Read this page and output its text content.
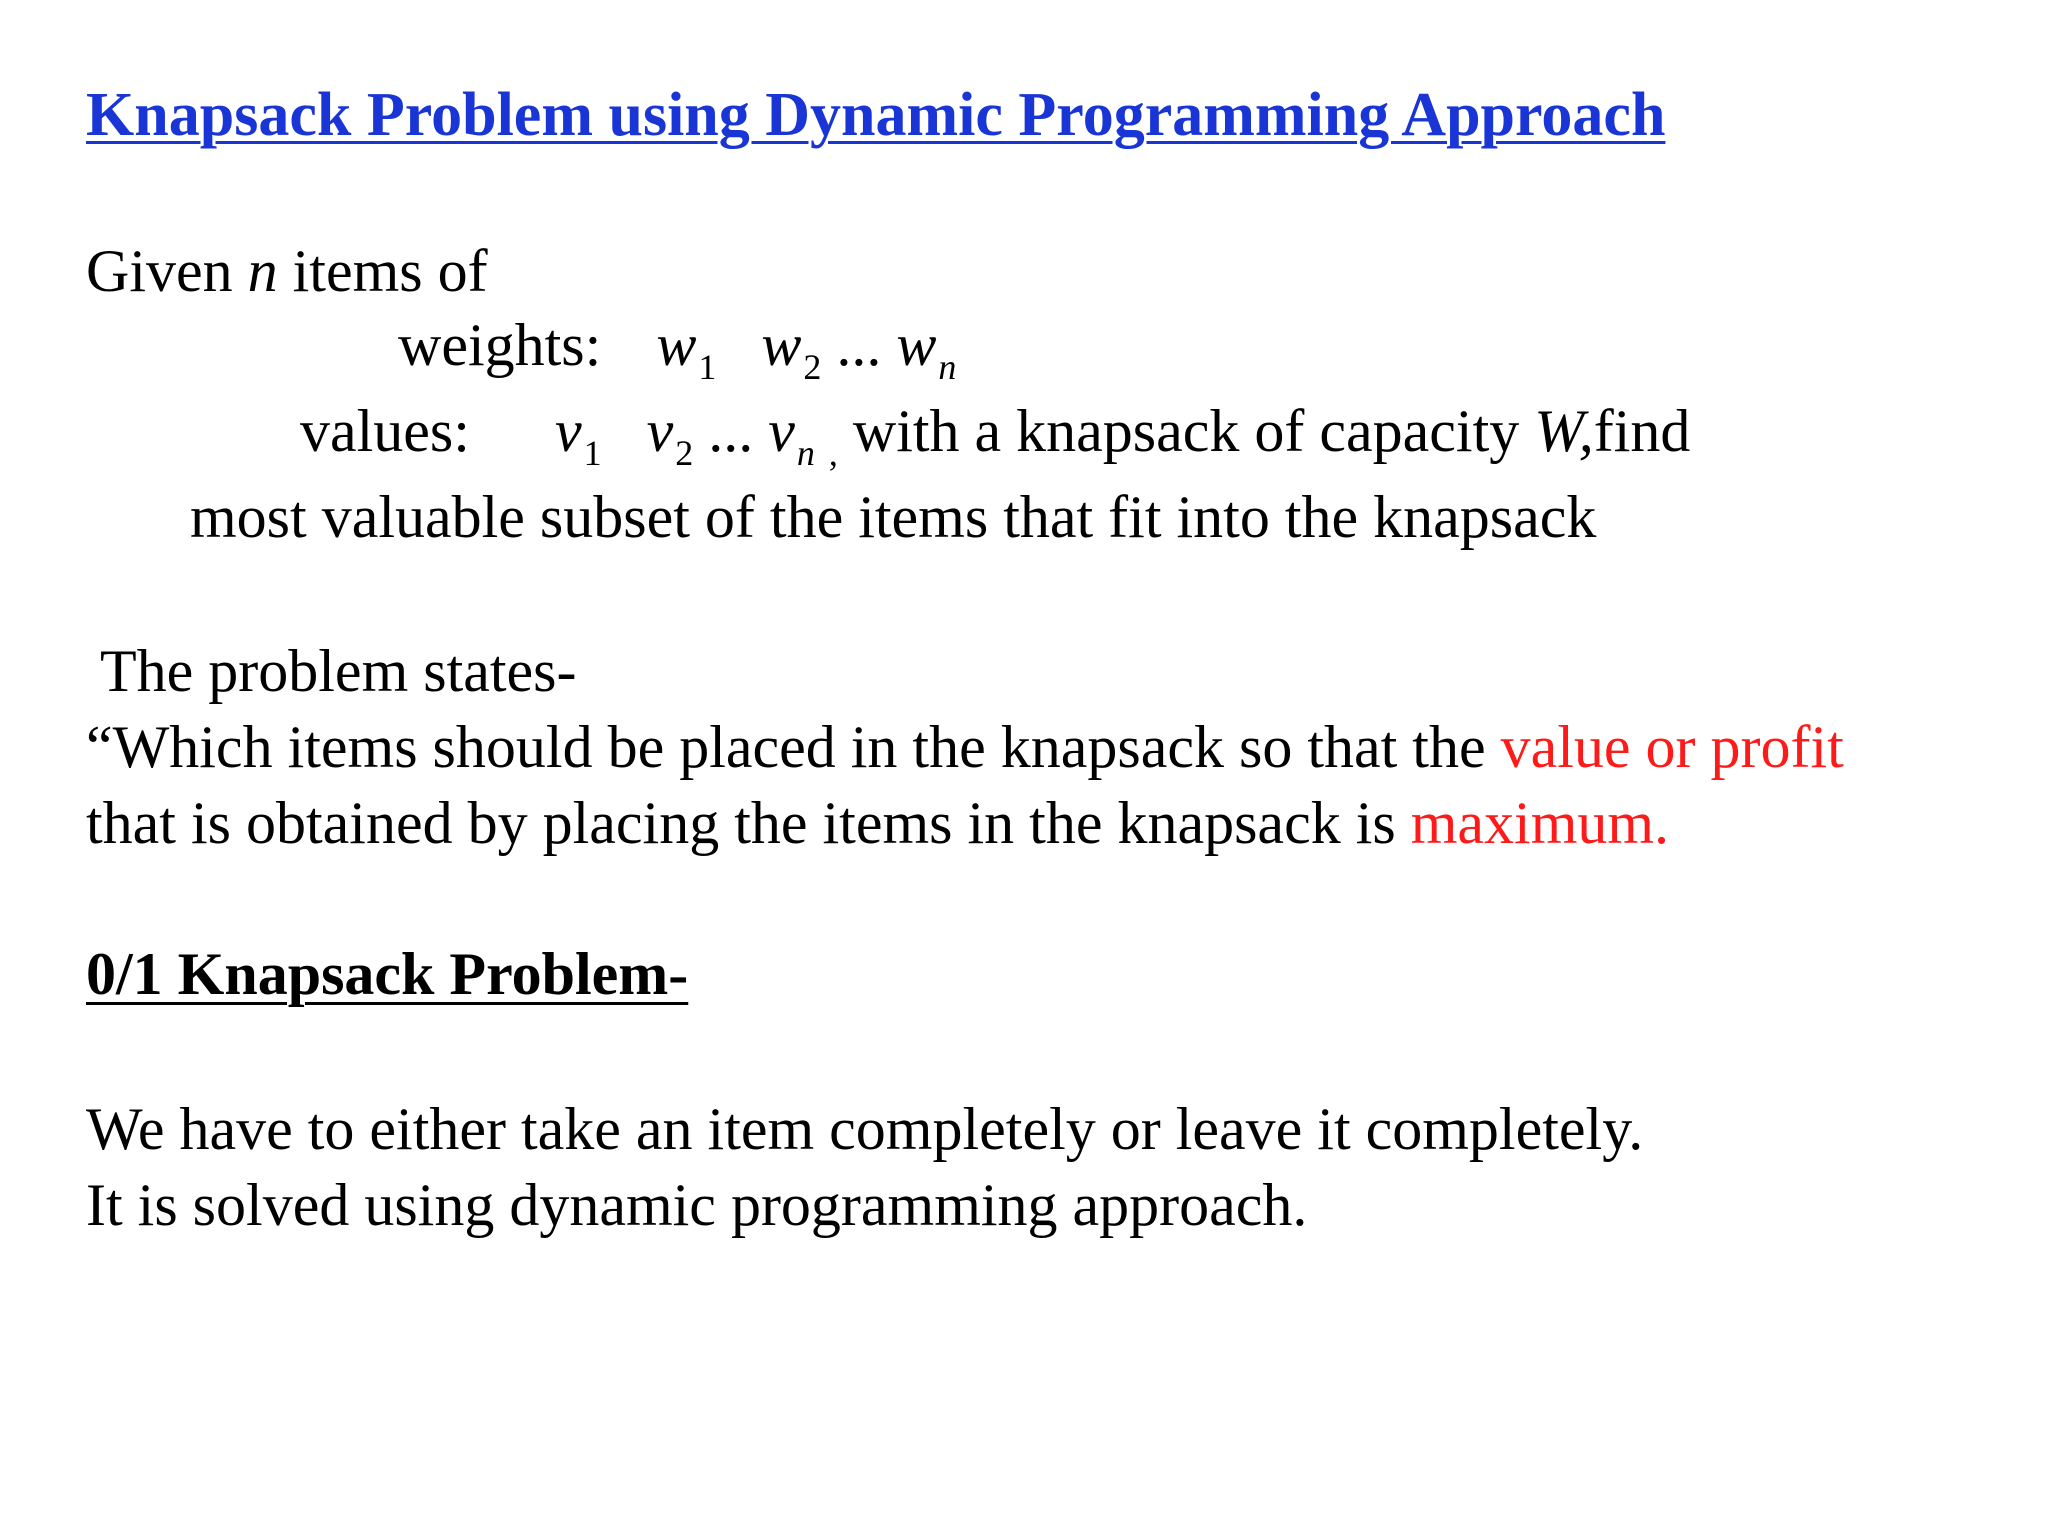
Knapsack Problem using Dynamic Programming Approach
Given n items of
weights: $w_1$ $w_2$ ... $w_n$
values: $v_1$ $v_2$ ... $v_n$ $_,$ with a knapsack of capacity W,find
most valuable subset of the items that fit into the knapsack
The problem states-
“Which items should be placed in the knapsack so that the value or profit
that is obtained by placing the items in the knapsack is maximum.
0/1 Knapsack Problem-
We have to either take an item completely or leave it completely.
It is solved using dynamic programming approach.
